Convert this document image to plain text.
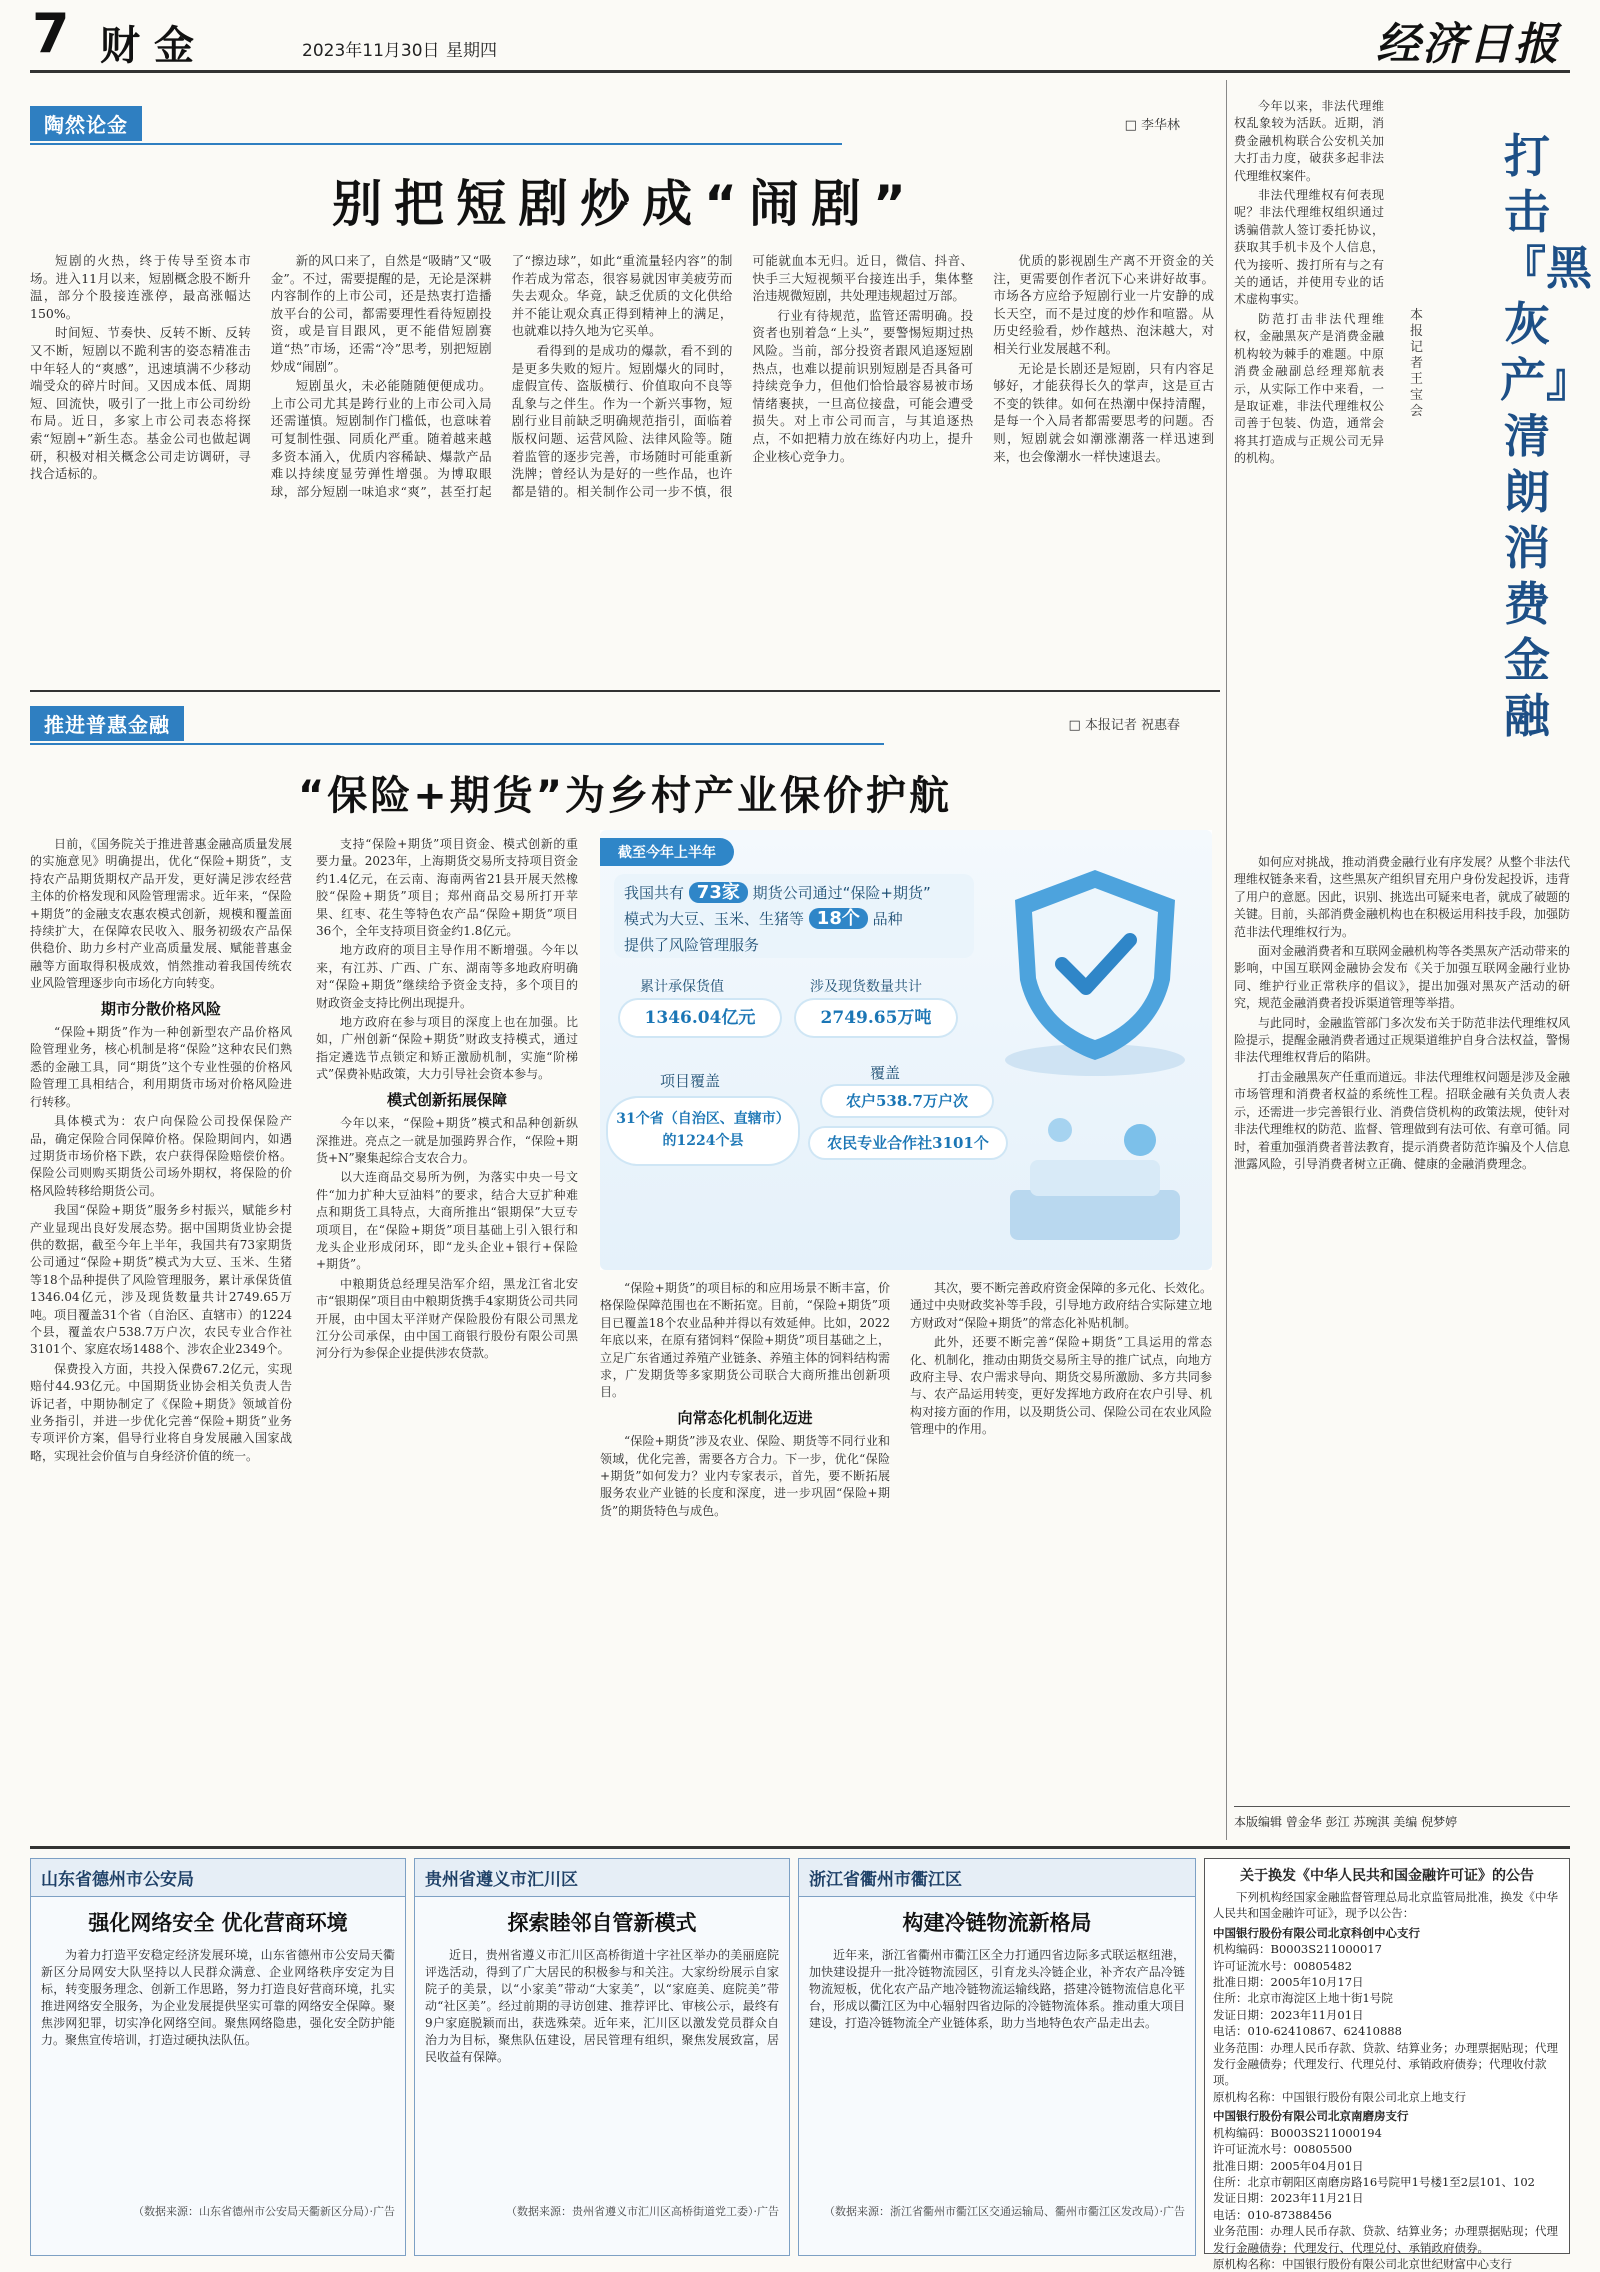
7 财金	2023年11月30日 星期四	经济日报
陶然论金	□ 李华林
别把短剧炒成“闹剧”

短剧的火热，终于传导至资本市场。进入11月以来，短剧概念股不断升温，部分个股接连涨停，最高涨幅达150%。

时间短、节奏快、反转不断、反转又不断，短剧以不跪利害的姿态精准击中年轻人的“爽感”，迅速填满不少移动端受众的碎片时间。又因成本低、周期短、回流快，吸引了一批上市公司纷纷布局。近日，多家上市公司表态将探索“短剧+”新生态。基金公司也做起调研，积极对相关概念公司走访调研，寻找合适标的。

新的风口来了，自然是“吸睛”又“吸金”。不过，需要提醒的是，无论是深耕内容制作的上市公司，还是热衷打造播放平台的公司，都需要理性看待短剧投资，或是盲目跟风，更不能借短剧赛道“热”市场，还需“冷”思考，别把短剧炒成“闹剧”。

短剧虽火，未必能随随便便成功。上市公司尤其是跨行业的上市公司入局还需谨慎。短剧制作门槛低，也意味着可复制性强、同质化严重。随着越来越多资本涌入，优质内容稀缺、爆款产品难以持续度显劳弹性增强。为博取眼球，部分短剧一味追求“爽”，甚至打起了“擦边球”，如此“重流量轻内容”的制作若成为常态，很容易就因审美疲劳而失去观众。华竟，缺乏优质的文化供给并不能让观众真正得到精神上的满足，也就难以持久地为它买单。

看得到的是成功的爆款，看不到的是更多失败的短片。短剧爆火的同时，虚假宣传、盗版横行、价值取向不良等乱象与之伴生。作为一个新兴事物，短剧行业目前缺乏明确规范指引，面临着版权问题、运营风险、法律风险等。随着监管的逐步完善，市场随时可能重新洗牌；曾经认为是好的一些作品，也许都是错的。相关制作公司一步不慎，很可能就血本无归。近日，微信、抖音、快手三大短视频平台接连出手，集体整治违规微短剧，共处理违规超过万部。

行业有待规范，监管还需明确。投资者也别着急“上头”，要警惕短期过热风险。当前，部分投资者跟风追逐短剧热点，也难以提前识别短剧是否具备可持续竞争力，但他们恰恰最容易被市场情绪裹挟，一旦高位接盘，可能会遭受损失。对上市公司而言，与其追逐热点，不如把精力放在练好内功上，提升企业核心竞争力。

优质的影视剧生产离不开资金的关注，更需要创作者沉下心来讲好故事。市场各方应给予短剧行业一片安静的成长天空，而不是过度的炒作和喧嚣。从历史经验看，炒作越热、泡沫越大，对相关行业发展越不利。

无论是长剧还是短剧，只有内容足够好，才能获得长久的掌声，这是亘古不变的铁律。如何在热潮中保持清醒，是每一个入局者都需要思考的问题。否则，短剧就会如潮涨潮落一样迅速到来，也会像潮水一样快速退去。

推进普惠金融	□ 本报记者 祝惠春
“保险+期货”为乡村产业保价护航

日前，《国务院关于推进普惠金融高质量发展的实施意见》明确提出，优化“保险+期货”，支持农产品期货期权产品开发，更好满足涉农经营主体的价格发现和风险管理需求。近年来，“保险+期货”的金融支农惠农模式创新，规模和覆盖面持续扩大，在保障农民收入、服务初级农产品保供稳价、助力乡村产业高质量发展、赋能普惠金融等方面取得积极成效，悄然推动着我国传统农业风险管理逐步向市场化方向转变。

期市分散价格风险

“保险+期货”作为一种创新型农产品价格风险管理业务，核心机制是将“保险”这种农民们熟悉的金融工具，同“期货”这个专业性强的价格风险管理工具相结合，利用期货市场对价格风险进行转移。

具体模式为：农户向保险公司投保保险产品，确定保险合同保障价格。保险期间内，如遇过期货市场价格下跌，农户获得保险赔偿价格。保险公司则购买期货公司场外期权，将保险的价格风险转移给期货公司。

我国“保险+期货”服务乡村振兴，赋能乡村产业显现出良好发展态势。据中国期货业协会提供的数据，截至今年上半年，我国共有73家期货公司通过“保险+期货”模式为大豆、玉米、生猪等18个品种提供了风险管理服务，累计承保货值1346.04亿元，涉及现货数量共计2749.65万吨。项目覆盖31个省（自治区、直辖市）的1224个县，覆盖农户538.7万户次，农民专业合作社3101个、家庭农场1488个、涉农企业2349个。

保费投入方面，共投入保费67.2亿元，实现赔付44.93亿元。中国期货业协会相关负责人告诉记者，中期协制定了《保险+期货》领域首份业务指引，并进一步优化完善“保险+期货”业务专项评价方案，倡导行业将自身发展融入国家战略，实现社会价值与自身经济价值的统一。

支持“保险+期货”项目资金、模式创新的重要力量。2023年，上海期货交易所支持项目资金约1.4亿元，在云南、海南两省21县开展天然橡胶“保险+期货”项目；郑州商品交易所打开苹果、红枣、花生等特色农产品“保险+期货”项目36个，全年支持项目资金约1.8亿元。

地方政府的项目主导作用不断增强。今年以来，有江苏、广西、广东、湖南等多地政府明确对“保险+期货”继续给予资金支持，多个项目的财政资金支持比例出现提升。

地方政府在参与项目的深度上也在加强。比如，广州创新“保险+期货”财政支持模式，通过指定遴选节点锁定和矫正激励机制，实施“阶梯式”保费补贴政策，大力引导社会资本参与。

模式创新拓展保障

今年以来，“保险+期货”模式和品种创新纵深推进。亮点之一就是加强跨界合作，“保险+期货+N”聚集起综合支农合力。

以大连商品交易所为例，为落实中央一号文件“加力扩种大豆油料”的要求，结合大豆扩种难点和期货工具特点，大商所推出“银期保”大豆专项项目，在“保险+期货”项目基础上引入银行和龙头企业形成闭环，即“龙头企业+银行+保险+期货”。

中粮期货总经理吴浩军介绍，黑龙江省北安市“银期保”项目由中粮期货携手4家期货公司共同开展，由中国太平洋财产保险股份有限公司黑龙江分公司承保，由中国工商银行股份有限公司黑河分行为参保企业提供涉农贷款。

截至今年上半年
我国共有 73家 期货公司通过“保险+期货”
模式为大豆、玉米、生猪等 18个 品种
提供了风险管理服务
累计承保货值
1346.04亿元
涉及现货数量共计
2749.65万吨
项目覆盖
31个省（自治区、直辖市）
的1224个县
覆盖
农户538.7万户次
农民专业合作社3101个

“保险+期货”的项目标的和应用场景不断丰富，价格保险保障范围也在不断拓宽。目前，“保险+期货”项目已覆盖18个农业品种并得以有效延伸。比如，2022年底以来，在原有猪饲料“保险+期货”项目基础之上，立足广东省通过养殖产业链条、养殖主体的饲料结构需求，广发期货等多家期货公司联合大商所推出创新项目。

向常态化机制化迈进

“保险+期货”涉及农业、保险、期货等不同行业和领域，优化完善，需要各方合力。下一步，优化“保险+期货”如何发力？业内专家表示，首先，要不断拓展服务农业产业链的长度和深度，进一步巩固“保险+期货”的期货特色与成色。

其次，要不断完善政府资金保障的多元化、长效化。通过中央财政奖补等手段，引导地方政府结合实际建立地方财政对“保险+期货”的常态化补贴机制。

此外，还要不断完善“保险+期货”工具运用的常态化、机制化，推动由期货交易所主导的推广试点，向地方政府主导、农户需求导向、期货交易所激励、多方共同参与、农产品运用转变，更好发挥地方政府在农户引导、机构对接方面的作用，以及期货公司、保险公司在农业风险管理中的作用。

今年以来，非法代理维权乱象较为活跃。近期，消费金融机构联合公安机关加大打击力度，破获多起非法代理维权案件。

非法代理维权有何表现呢？非法代理维权组织通过诱骗借款人签订委托协议，获取其手机卡及个人信息，代为接听、拨打所有与之有关的通话，并使用专业的话术虚构事实。

防范打击非法代理维权，金融黑灰产是消费金融机构较为棘手的难题。中原消费金融副总经理郑航表示，从实际工作中来看，一是取证难，非法代理维权公司善于包装、伪造，通常会将其打造成与正规公司无异的机构。

本报记者 王宝会
打击『黑灰产』清朗消费金融

如何应对挑战，推动消费金融行业有序发展？从整个非法代理维权链条来看，这些黑灰产组织冒充用户身份发起投诉，违背了用户的意愿。因此，识别、挑选出可疑来电者，就成了破题的关键。目前，头部消费金融机构也在积极运用科技手段，加强防范非法代理维权行为。

面对金融消费者和互联网金融机构等各类黑灰产活动带来的影响，中国互联网金融协会发布《关于加强互联网金融行业协同、维护行业正常秩序的倡议》，提出加强对黑灰产活动的研究，规范金融消费者投诉渠道管理等举措。

与此同时，金融监管部门多次发布关于防范非法代理维权风险提示，提醒金融消费者通过正规渠道维护自身合法权益，警惕非法代理维权背后的陷阱。

打击金融黑灰产任重而道远。非法代理维权问题是涉及金融市场管理和消费者权益的系统性工程。招联金融有关负责人表示，还需进一步完善银行业、消费信贷机构的政策法规，使针对非法代理维权的防范、监督、管理做到有法可依、有章可循。同时，着重加强消费者普法教育，提示消费者防范诈骗及个人信息泄露风险，引导消费者树立正确、健康的金融消费理念。

本版编辑 曾金华 彭江 苏琬淇 美编 倪梦婷
山东省德州市公安局
强化网络安全 优化营商环境
为着力打造平安稳定经济发展环境，山东省德州市公安局天衢新区分局网安大队坚持以人民群众满意、企业网络秩序安定为目标，转变服务理念、创新工作思路，努力打造良好营商环境，扎实推进网络安全服务，为企业发展提供坚实可靠的网络安全保障。聚焦涉网犯罪，切实净化网络空间。聚焦网络隐患，强化安全防护能力。聚焦宣传培训，打造过硬执法队伍。
（数据来源：山东省德州市公安局天衢新区分局）·广告
贵州省遵义市汇川区
探索睦邻自管新模式
近日，贵州省遵义市汇川区高桥街道十字社区举办的美丽庭院评选活动，得到了广大居民的积极参与和关注。大家纷纷展示自家院子的美景，以“小家美”带动“大家美”，以“家庭美、庭院美”带动“社区美”。经过前期的寻访创建、推荐评比、审核公示，最终有9户家庭脱颖而出，获选殊荣。近年来，汇川区以激发党员群众自治力为目标，聚焦队伍建设，居民管理有组织，聚焦发展致富，居民收益有保障。
（数据来源：贵州省遵义市汇川区高桥街道党工委）·广告
浙江省衢州市衢江区
构建冷链物流新格局
近年来，浙江省衢州市衢江区全力打通四省边际多式联运枢纽港，加快建设提升一批冷链物流园区，引育龙头冷链企业，补齐农产品冷链物流短板，优化农产品产地冷链物流运输线路，搭建冷链物流信息化平台，形成以衢江区为中心辐射四省边际的冷链物流体系。推动重大项目建设，打造冷链物流全产业链体系，助力当地特色农产品走出去。
（数据来源：浙江省衢州市衢江区交通运输局、衢州市衢江区发改局）·广告
关于换发《中华人民共和国金融许可证》的公告

下列机构经国家金融监督管理总局北京监管局批准，换发《中华人民共和国金融许可证》，现予以公告：

中国银行股份有限公司北京科创中心支行

机构编码：B0003S211000017

许可证流水号：00805482

批准日期：2005年10月17日

住所：北京市海淀区上地十街1号院

发证日期：2023年11月01日

电话：010-62410867、62410888

业务范围：办理人民币存款、贷款、结算业务；办理票据贴现；代理发行金融债券；代理发行、代理兑付、承销政府债券；代理收付款项。

原机构名称：中国银行股份有限公司北京上地支行

中国银行股份有限公司北京南磨房支行

机构编码：B0003S211000194

许可证流水号：00805500

批准日期：2005年04月01日

住所：北京市朝阳区南磨房路16号院甲1号楼1至2层101、102

发证日期：2023年11月21日

电话：010-87388456

业务范围：办理人民币存款、贷款、结算业务；办理票据贴现；代理发行金融债券；代理发行、代理兑付、承销政府债券。

原机构名称：中国银行股份有限公司北京世纪财富中心支行
